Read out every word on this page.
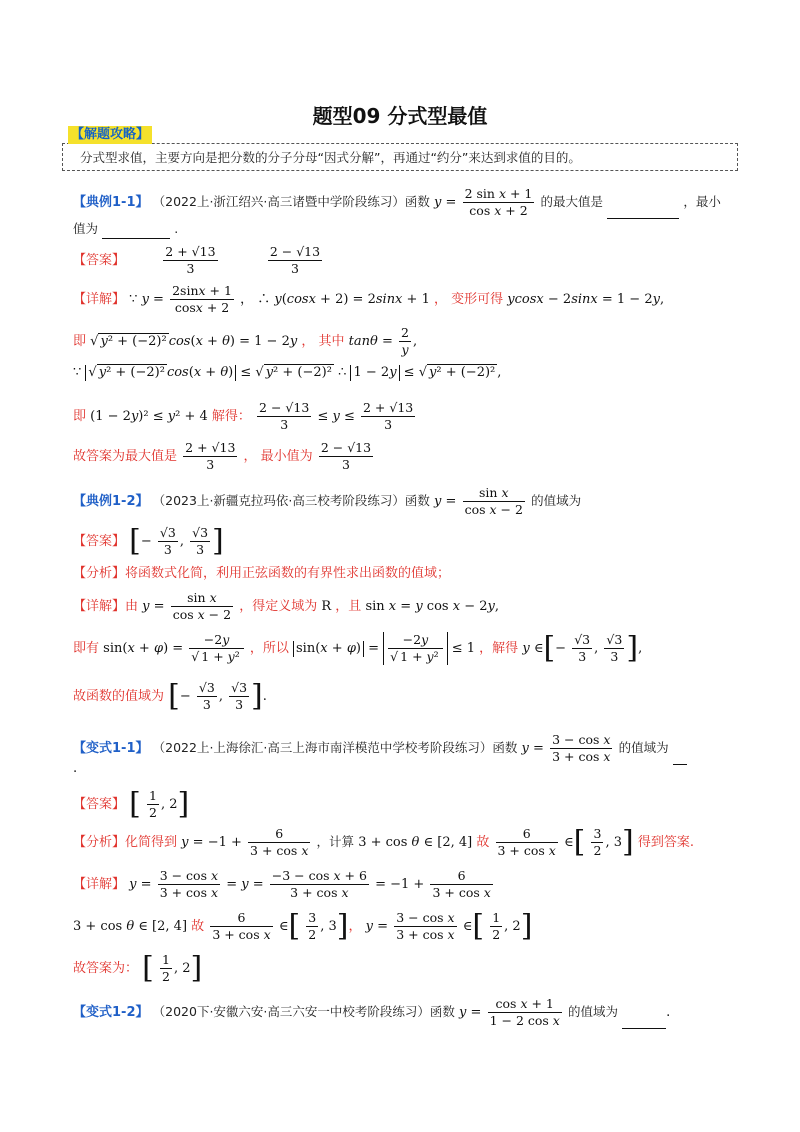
题型09 分式型最值
【解题攻略】
分式型求值，主要方向是把分数的分子分母“因式分解”，再通过“约分”来达到求值的目的。
【典例1-1】 （2022上·浙江绍兴·高三诸暨中学阶段练习）函数 $y = \frac{\text{2 sin x + 1}}{\text{cos x + 2}}$ 的最大值是	，最小
值为	.
【答案】	$\frac{2 + √13}{3}$
	$\frac{2 - √13}{3}$
【详解】 ∵ $y = \frac{2\sin x + 1}{\cos x + 2}$ ， ∴ y(cosx + 2) = 2sinx + 1 ， 变形可得 ycosx − 2sinx = 1 − 2y,
即 √ y² + (−2)² cos(x + θ) = 1 − 2y ， 其中 $\tan\theta = \frac{2}{y}$ ,
∵ √ y² + (−2)² cos(x + θ) ≤ √ y² + (−2)² ∴ 1 − 2y ≤ √ y² + (−2)² ,
即 (1 − 2y)² ≤ y² + 4 解得： $\frac{2 - √13}{3} \le y \le \frac{2 + √13}{3}$
故答案为最大值是 $\frac{2 + √13}{3}$ ， 最小值为 $\frac{2 - √13}{3}$
【典例1-2】 （2023上·新疆克拉玛依·高三校考阶段练习）函数 $y = \frac{\text{sin x}}{\text{cos x − 2}}$ 的值域为
【答案】 [− $\frac{√3}{3}$ , $\frac{√3}{3}$ ]
【分析】将函数式化简，利用正弦函数的有界性求出函数的值域；
【详解】由 $y = \frac{\text{sin x}}{\text{cos x − 2}}$ ，得定义域为 R ，且 sin x = y cos x − 2y,
即有 $\sin(x + \varphi) = \frac{-2y}{\text{√ 1 + y²}}$ ，所以 $\sin(x + \varphi) = \frac{-2y}{\text{√ 1 + y²}} \le 1$ ，解得 y ∈[− $\frac{√3}{3}$ , $\frac{√3}{3}$ ],
故函数的值域为 [− $\frac{√3}{3}$ , $\frac{√3}{3}$ ].
【变式1-1】 （2022上·上海徐汇·高三上海市南洋模范中学校考阶段练习）函数 $y = \frac{\text{3 − cos x}}{\text{3 + cos x}}$ 的值域为
.
【答案】 [ $\frac{1}{2}$ , 2]
【分析】化简得到 $y = -1 + \frac{6}{\text{3 + cos x}}$ ，计算 3 + cos θ ∈ [2, 4] 故 $\frac{6}{\text{3 + cos x}}$ ∈[ $\frac{3}{2}$ , 3] 得到答案.
【详解】 $y = \frac{\text{3 − cos x}}{\text{3 + cos x}} = y = \frac{\text{−3 − cos x + 6}}{\text{3 + cos x}} = -1 + \frac{6}{\text{3 + cos x}}$
3 + cos θ ∈ [2, 4] 故 $\frac{6}{\text{3 + cos x}}$ ∈[ $\frac{3}{2}$ , 3]， $y = \frac{\text{3 − cos x}}{\text{3 + cos x}}$ ∈[ $\frac{1}{2}$ , 2]
故答案为： [ $\frac{1}{2}$ , 2]
【变式1-2】 （2020下·安徽六安·高三六安一中校考阶段练习）函数 $y = \frac{\text{cos x + 1}}{\text{1 − 2 cos x}}$ 的值域为	.
